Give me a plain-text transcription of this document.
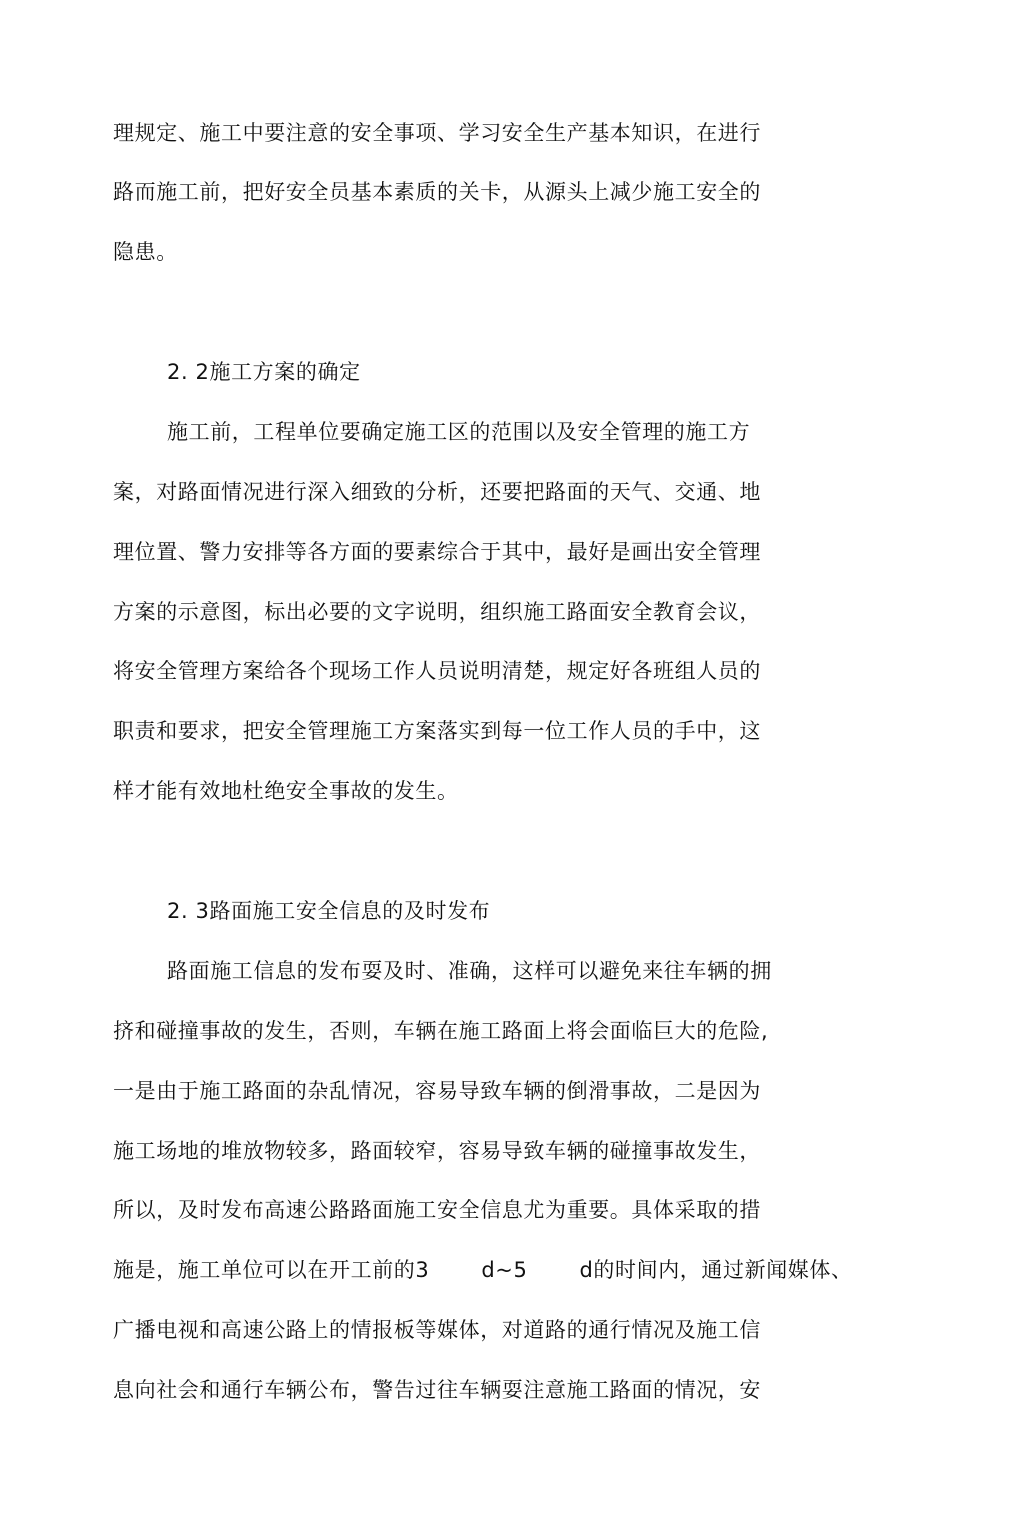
理规定、施工中要注意的安全事项、学习安全生产基本知识，在进行
路而施工前，把好安全员基本素质的关卡，从源头上减少施工安全的
隐患。
2. 2施工方案的确定
施工前，工程单位要确定施工区的范围以及安全管理的施工方
案，对路面情况进行深入细致的分析，还要把路面的天气、交通、地
理位置、警力安排等各方面的要素综合于其中，最好是画出安全管理
方案的示意图，标出必要的文字说明，组织施工路面安全教育会议，
将安全管理方案给各个现场工作人员说明清楚，规定好各班组人员的
职责和要求，把安全管理施工方案落实到每一位工作人员的手中，这
样才能有效地杜绝安全事故的发生。
2. 3路面施工安全信息的及时发布
路面施工信息的发布耍及时、准确，这样可以避免来往车辆的拥
挤和碰撞事故的发生，否则，车辆在施工路面上将会面临巨大的危险,
一是由于施工路面的杂乱情况，容易导致车辆的倒滑事故，二是因为
施工场地的堆放物较多，路面较窄，容易导致车辆的碰撞事故发生，
所以，及时发布高速公路路面施工安全信息尤为重要。具体采取的措
施是，施工单位可以在开工前的3 d~5 d的时间内，通过新闻媒体、
广播电视和高速公路上的情报板等媒体，对道路的通行情况及施工信
息向社会和通行车辆公布，警告过往车辆耍注意施工路面的情况，安
